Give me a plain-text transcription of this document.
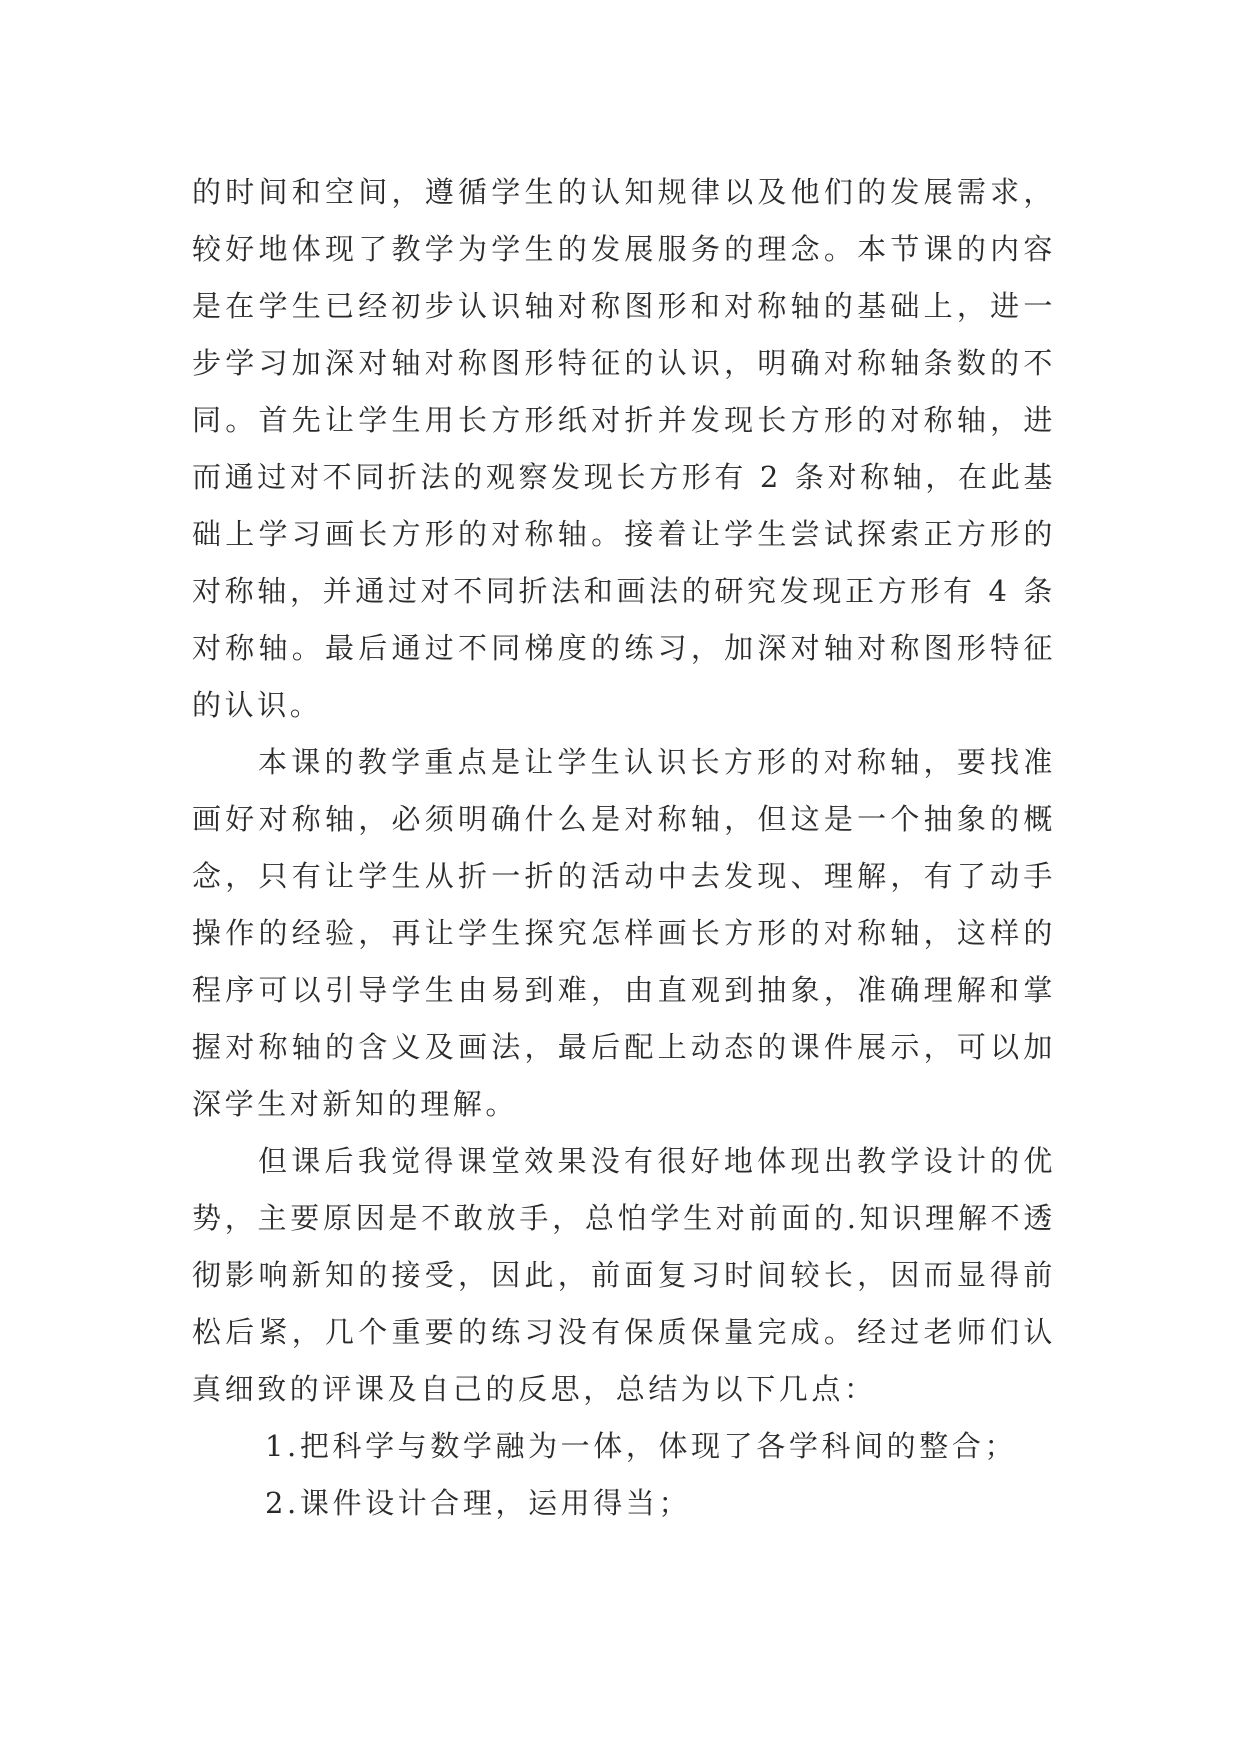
的时间和空间，遵循学生的认知规律以及他们的发展需求，较好地体现了教学为学生的发展服务的理念。本节课的内容是在学生已经初步认识轴对称图形和对称轴的基础上，进一步学习加深对轴对称图形特征的认识，明确对称轴条数的不同。首先让学生用长方形纸对折并发现长方形的对称轴，进而通过对不同折法的观察发现长方形有 2 条对称轴，在此基础上学习画长方形的对称轴。接着让学生尝试探索正方形的对称轴，并通过对不同折法和画法的研究发现正方形有 4 条对称轴。最后通过不同梯度的练习，加深对轴对称图形特征的认识。

本课的教学重点是让学生认识长方形的对称轴，要找准画好对称轴，必须明确什么是对称轴，但这是一个抽象的概念，只有让学生从折一折的活动中去发现、理解，有了动手操作的经验，再让学生探究怎样画长方形的对称轴，这样的程序可以引导学生由易到难，由直观到抽象，准确理解和掌握对称轴的含义及画法，最后配上动态的课件展示，可以加深学生对新知的理解。

但课后我觉得课堂效果没有很好地体现出教学设计的优势，主要原因是不敢放手，总怕学生对前面的.知识理解不透彻影响新知的接受，因此，前面复习时间较长，因而显得前松后紧，几个重要的练习没有保质保量完成。经过老师们认真细致的评课及自己的反思，总结为以下几点：

1.把科学与数学融为一体，体现了各学科间的整合；

2.课件设计合理，运用得当；
